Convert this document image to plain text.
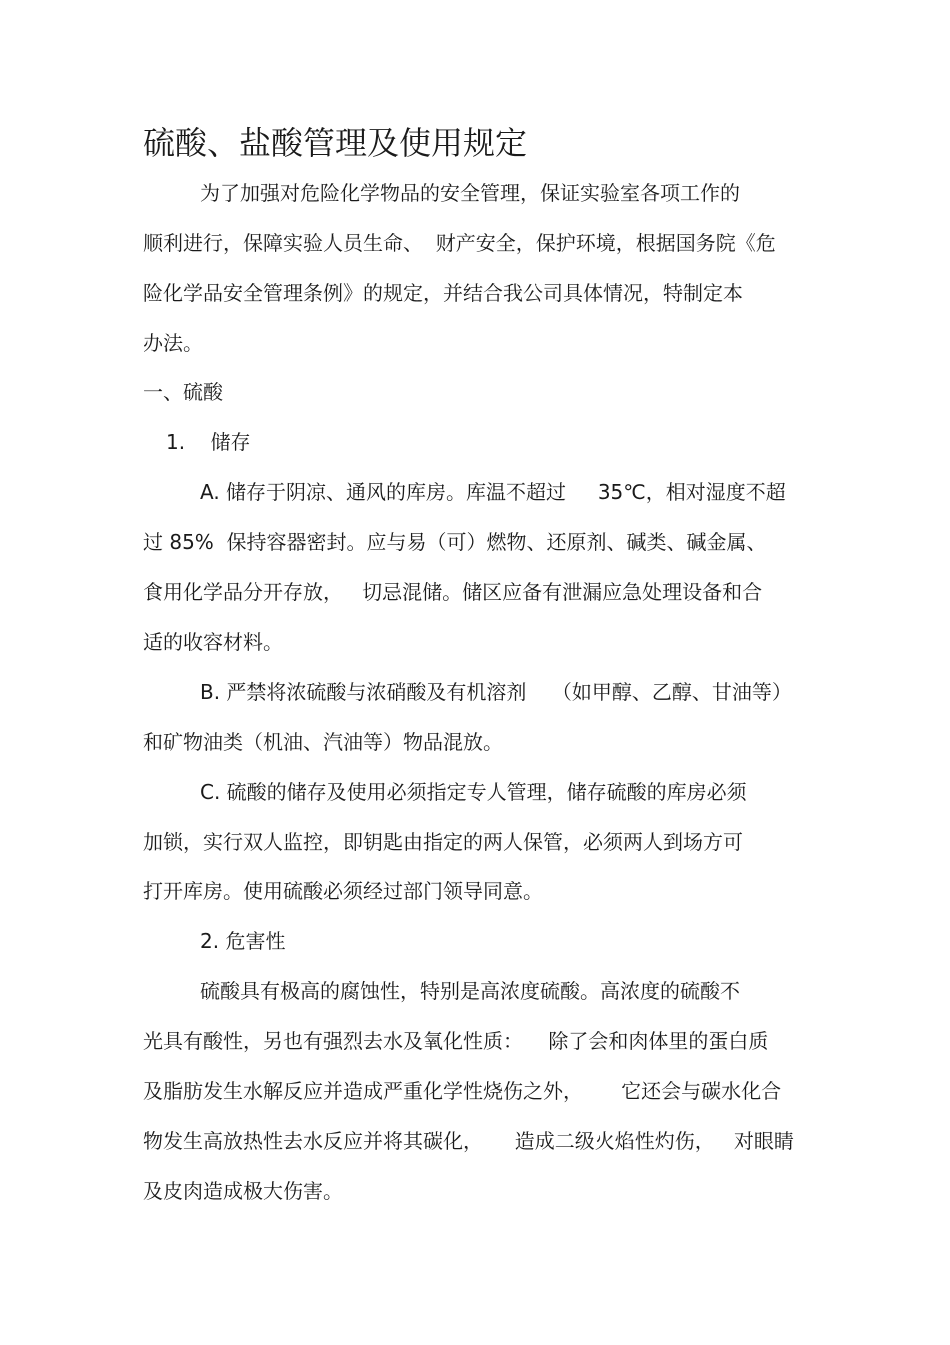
硫酸、盐酸管理及使用规定
为了加强对危险化学物品的安全管理，保证实验室各项工作的
顺利进行，保障实验人员生命、  财产安全，保护环境，根据国务院《危
险化学品安全管理条例》的规定，并结合我公司具体情况，特制定本
办法。
一、硫酸
1.    储存
A. 储存于阴凉、通风的库房。库温不超过     35℃，相对湿度不超
过 85%  保持容器密封。应与易（可）燃物、还原剂、碱类、碱金属、
食用化学品分开存放，   切忌混储。储区应备有泄漏应急处理设备和合
适的收容材料。
B. 严禁将浓硫酸与浓硝酸及有机溶剂    （如甲醇、乙醇、甘油等）
和矿物油类（机油、汽油等）物品混放。
C. 硫酸的储存及使用必须指定专人管理，储存硫酸的库房必须
加锁，实行双人监控，即钥匙由指定的两人保管，必须两人到场方可
打开库房。使用硫酸必须经过部门领导同意。
2. 危害性
硫酸具有极高的腐蚀性，特别是高浓度硫酸。高浓度的硫酸不
光具有酸性，另也有强烈去水及氧化性质：    除了会和肉体里的蛋白质
及脂肪发生水解反应并造成严重化学性烧伤之外，      它还会与碳水化合
物发生高放热性去水反应并将其碳化，     造成二级火焰性灼伤，   对眼睛
及皮肉造成极大伤害。
